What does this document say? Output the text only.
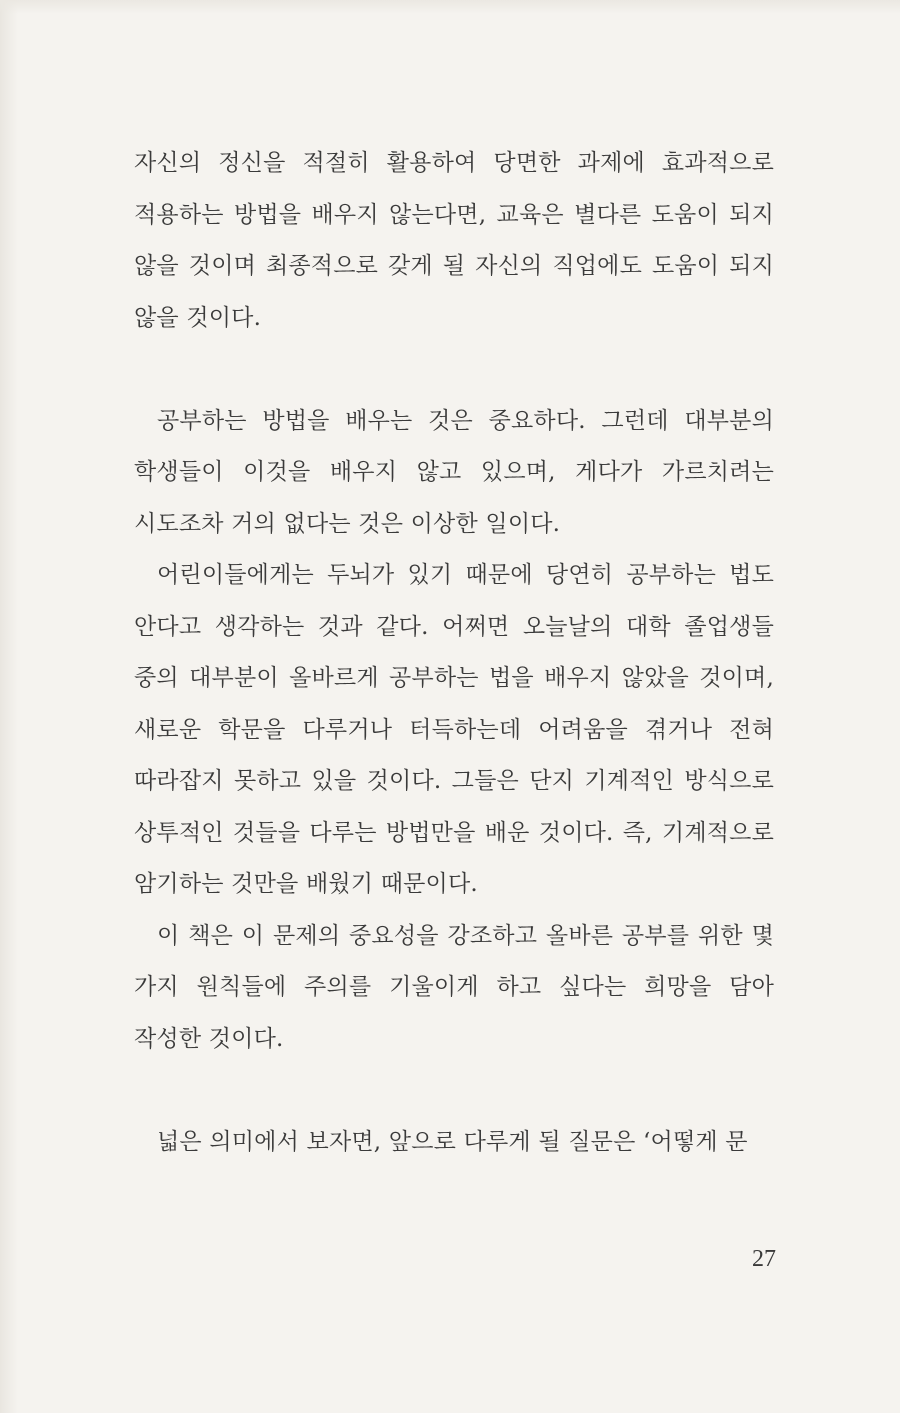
자신의 정신을 적절히 활용하여 당면한 과제에 효과적으로 적용하는 방법을 배우지 않는다면, 교육은 별다른 도움이 되지 않을 것이며 최종적으로 갖게 될 자신의 직업에도 도움이 되지 않을 것이다.

공부하는 방법을 배우는 것은 중요하다. 그런데 대부분의 학생들이 이것을 배우지 않고 있으며, 게다가 가르치려는 시도조차 거의 없다는 것은 이상한 일이다.

어린이들에게는 두뇌가 있기 때문에 당연히 공부하는 법도 안다고 생각하는 것과 같다. 어쩌면 오늘날의 대학 졸업생들 중의 대부분이 올바르게 공부하는 법을 배우지 않았을 것이며, 새로운 학문을 다루거나 터득하는데 어려움을 겪거나 전혀 따라잡지 못하고 있을 것이다. 그들은 단지 기계적인 방식으로 상투적인 것들을 다루는 방법만을 배운 것이다. 즉, 기계적으로 암기하는 것만을 배웠기 때문이다.

이 책은 이 문제의 중요성을 강조하고 올바른 공부를 위한 몇 가지 원칙들에 주의를 기울이게 하고 싶다는 희망을 담아 작성한 것이다.

넓은 의미에서 보자면, 앞으로 다루게 될 질문은 ‘어떻게 문

27
